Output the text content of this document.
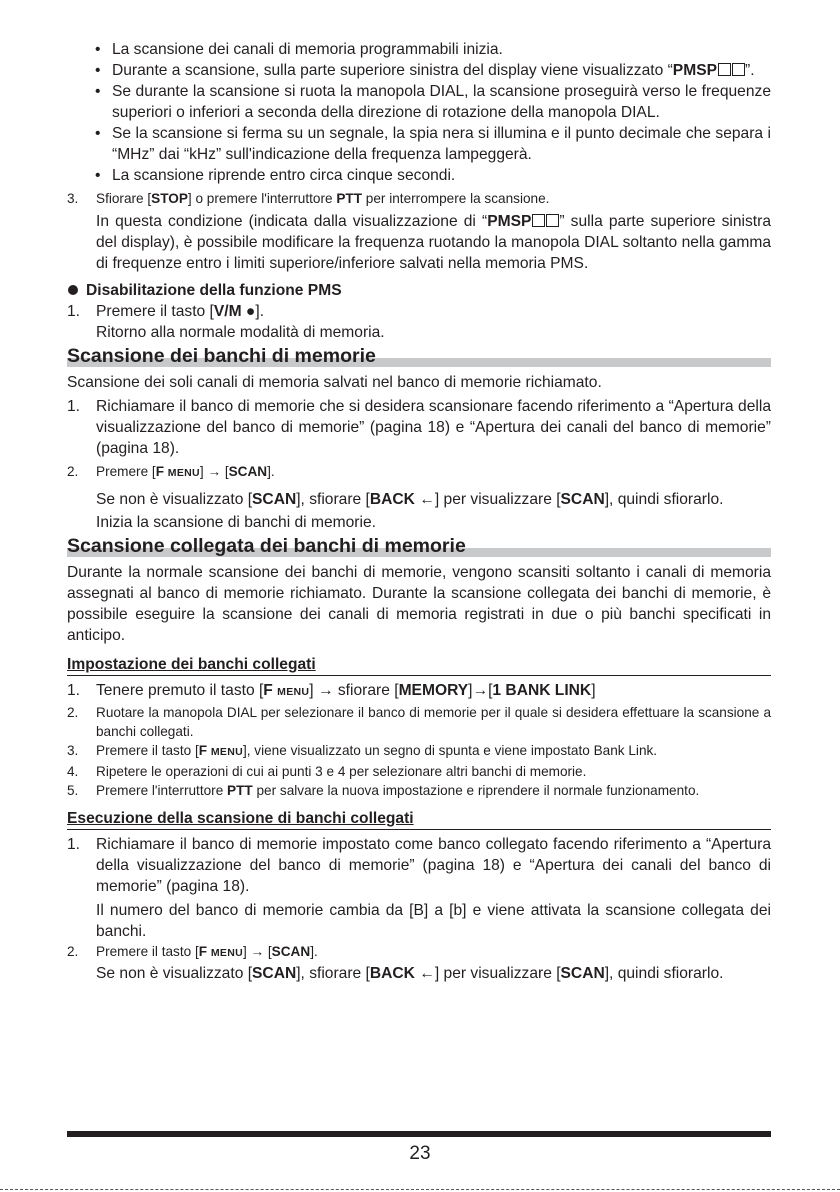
• La scansione dei canali di memoria programmabili inizia.
• Durante a scansione, sulla parte superiore sinistra del display viene visualizzato “PMSP ”.
• Se durante la scansione si ruota la manopola DIAL, la scansione proseguirà verso le frequenze superiori o inferiori a seconda della direzione di rotazione della manopola DIAL.
• Se la scansione si ferma su un segnale, la spia nera si illumina e il punto decimale che separa i “MHz” dai “kHz” sull'indicazione della frequenza lampeggerà.
• La scansione riprende entro circa cinque secondi.
3. Sfiorare [STOP] o premere l'interruttore PTT per interrompere la scansione.
In questa condizione (indicata dalla visualizzazione di “PMSP ” sulla parte superiore sinistra del display), è possibile modificare la frequenza ruotando la manopola DIAL soltanto nella gamma di frequenze entro i limiti superiore/inferiore salvati nella memoria PMS.
Disabilitazione della funzione PMS
1. Premere il tasto [V/M ●].
Ritorno alla normale modalità di memoria.
Scansione dei banchi di memorie
Scansione dei soli canali di memoria salvati nel banco di memorie richiamato.
1. Richiamare il banco di memorie che si desidera scansionare facendo riferimento a “Apertura della visualizzazione del banco di memorie” (pagina 18) e “Apertura dei canali del banco di memorie” (pagina 18).
2. Premere [F MENU] → [SCAN].
Se non è visualizzato [SCAN], sfiorare [BACK ←] per visualizzare [SCAN], quindi sfiorarlo.
Inizia la scansione di banchi di memorie.
Scansione collegata dei banchi di memorie
Durante la normale scansione dei banchi di memorie, vengono scansiti soltanto i canali di memoria assegnati al banco di memorie richiamato. Durante la scansione collegata dei banchi di memorie, è possibile eseguire la scansione dei canali di memoria registrati in due o più banchi specificati in anticipo.
Impostazione dei banchi collegati
1. Tenere premuto il tasto [F MENU] → sfiorare [MEMORY]→[1 BANK LINK]
2. Ruotare la manopola DIAL per selezionare il banco di memorie per il quale si desidera effettuare la scansione a banchi collegati.
3. Premere il tasto [F MENU], viene visualizzato un segno di spunta e viene impostato Bank Link.
4. Ripetere le operazioni di cui ai punti 3 e 4 per selezionare altri banchi di memorie.
5. Premere l'interruttore PTT per salvare la nuova impostazione e riprendere il normale funzionamento.
Esecuzione della scansione di banchi collegati
1. Richiamare il banco di memorie impostato come banco collegato facendo riferimento a “Apertura della visualizzazione del banco di memorie” (pagina 18) e “Apertura dei canali del banco di memorie” (pagina 18).
Il numero del banco di memorie cambia da [B] a [b] e viene attivata la scansione collegata dei banchi.
2. Premere il tasto [F MENU] → [SCAN].
Se non è visualizzato [SCAN], sfiorare [BACK ←] per visualizzare [SCAN], quindi sfiorarlo.
23
